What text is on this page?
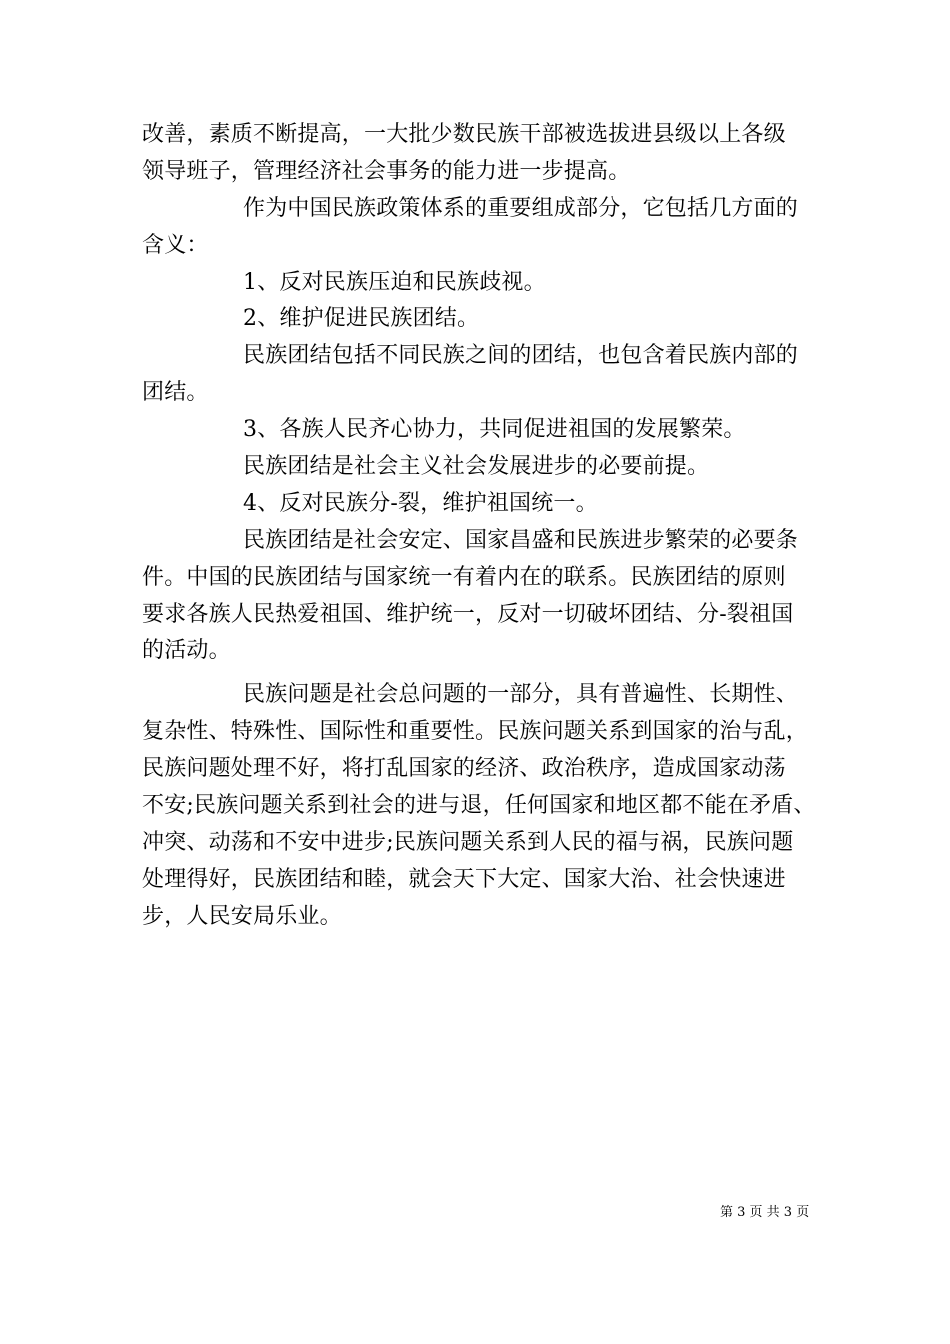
改善，素质不断提高，一大批少数民族干部被选拔进县级以上各级
领导班子，管理经济社会事务的能力进一步提高。
作为中国民族政策体系的重要组成部分，它包括几方面的
含义：
1、反对民族压迫和民族歧视。
2、维护促进民族团结。
民族团结包括不同民族之间的团结，也包含着民族内部的
团结。
3、各族人民齐心协力，共同促进祖国的发展繁荣。
民族团结是社会主义社会发展进步的必要前提。
4、反对民族分-裂，维护祖国统一。
民族团结是社会安定、国家昌盛和民族进步繁荣的必要条
件。中国的民族团结与国家统一有着内在的联系。民族团结的原则
要求各族人民热爱祖国、维护统一，反对一切破坏团结、分-裂祖国
的活动。
民族问题是社会总问题的一部分，具有普遍性、长期性、
复杂性、特殊性、国际性和重要性。民族问题关系到国家的治与乱，
民族问题处理不好，将打乱国家的经济、政治秩序，造成国家动荡
不安;民族问题关系到社会的进与退，任何国家和地区都不能在矛盾、
冲突、动荡和不安中进步;民族问题关系到人民的福与祸，民族问题
处理得好，民族团结和睦，就会天下大定、国家大治、社会快速进
步，人民安局乐业。
第 3 页 共 3 页
